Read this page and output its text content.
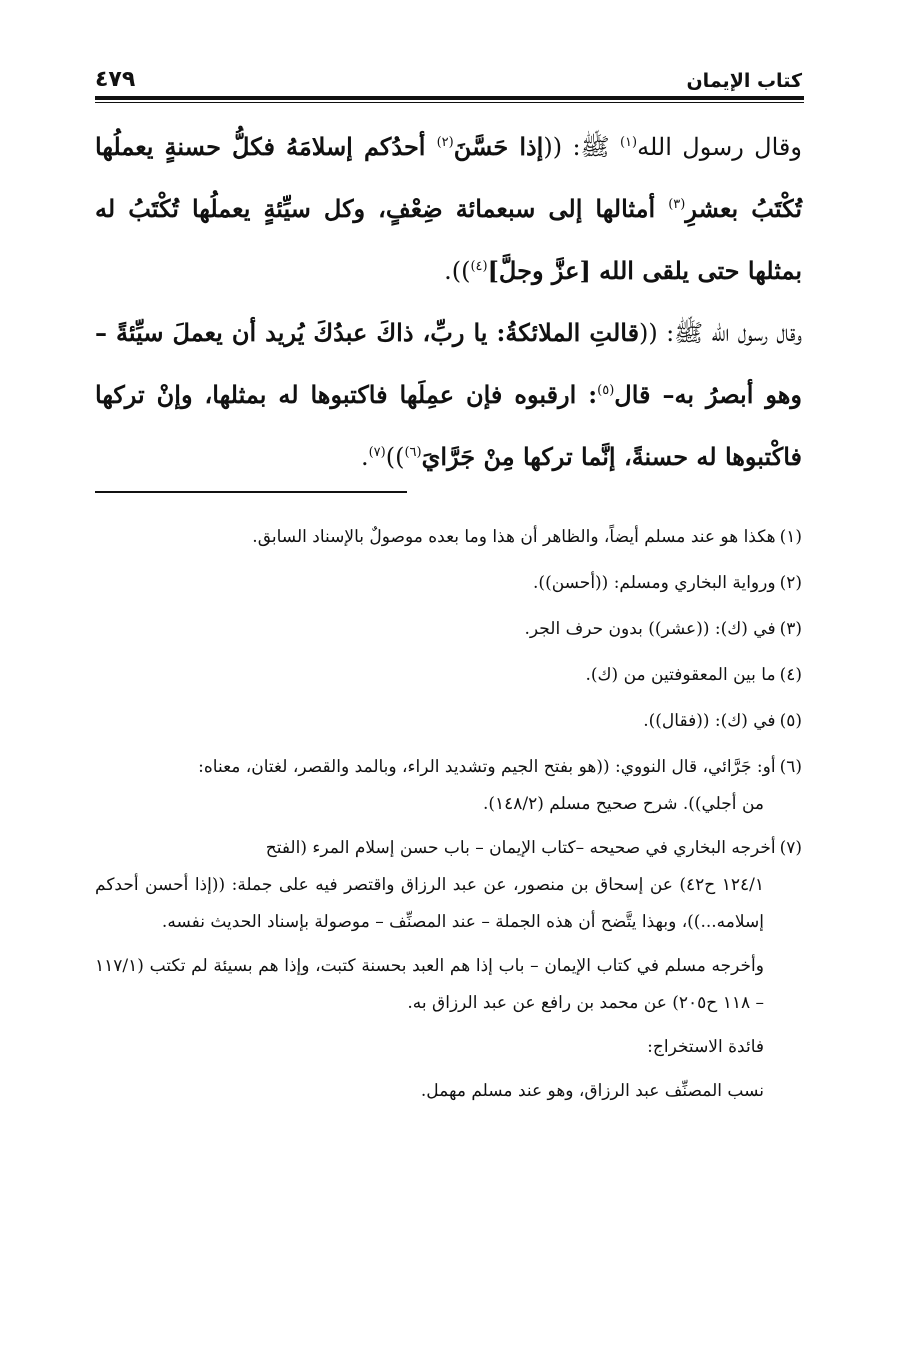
كتاب الإيمان
٤٧٩

وقال رسول الله$^{(١)}$ ﷺ: ((إذا حَسَّنَ$^{(٢)}$ أحدُكم إسلامَهُ فكلُّ حسنةٍ يعملُها تُكْتَبُ بعشرِ$^{(٣)}$ أمثالها إلى سبعمائة ضِعْفٍ، وكل سيِّئةٍ يعملُها تُكْتَبُ له بمثلها حتى يلقى الله [عزَّ وجلَّ]$^{(٤)}$)).

وقال رسول الله ﷺ: ((قالتِ الملائكةُ: يا ربِّ، ذاكَ عبدُكَ يُريد أن يعملَ سيِّئةً –وهو أبصرُ به– قال$^{(٥)}$: ارقبوه فإن عمِلَها فاكتبوها له بمثلها، وإنْ تركها فاكْتبوها له حسنةً، إنَّما تركها مِنْ جَرَّايَ$^{(٦)}$))$^{(٧)}$.

(١)هكذا هو عند مسلم أيضاً، والظاهر أن هذا وما بعده موصولٌ بالإسناد السابق.

(٢)ورواية البخاري ومسلم: ((أحسن)).

(٣)في (ك): ((عشر)) بدون حرف الجر.

(٤)ما بين المعقوفتين من (ك).

(٥)في (ك): ((فقال)).

(٦)أو: جَرَّائي، قال النووي: ((هو بفتح الجيم وتشديد الراء، وبالمد والقصر، لغتان، معناه:
من أجلي)). شرح صحيح مسلم (١٤٨/٢).

(٧)أخرجه البخاري في صحيحه –كتاب الإيمان – باب حسن إسلام المرء (الفتح
١٢٤/١ ح٤٢) عن إسحاق بن منصور، عن عبد الرزاق واقتصر فيه على جملة: ((إذا أحسن أحدكم إسلامه...))، وبهذا يتَّضح أن هذه الجملة – عند المصنِّف – موصولة بإسناد الحديث نفسه.

وأخرجه مسلم في كتاب الإيمان – باب إذا هم العبد بحسنة كتبت، وإذا هم بسيئة لم تكتب (١١٧/١ – ١١٨ ح٢٠٥) عن محمد بن رافع عن عبد الرزاق به.

فائدة الاستخراج:

نسب المصنِّف عبد الرزاق، وهو عند مسلم مهمل.
